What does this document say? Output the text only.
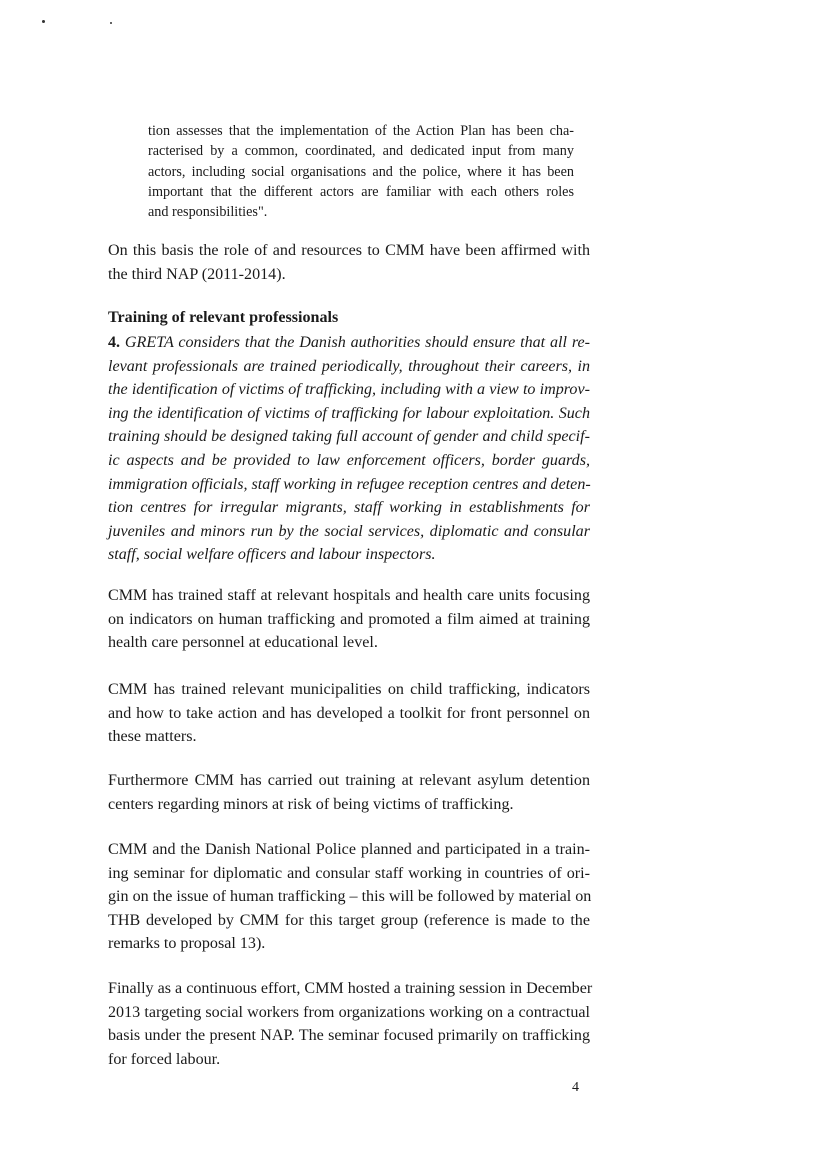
tion assesses that the implementation of the Action Plan has been cha-
racterised by a common, coordinated, and dedicated input from many
actors, including social organisations and the police, where it has been
important that the different actors are familiar with each others roles
and responsibilities".
On this basis the role of and resources to CMM have been affirmed with
the third NAP (2011-2014).
Training of relevant professionals
4. GRETA considers that the Danish authorities should ensure that all re-
levant professionals are trained periodically, throughout their careers, in
the identification of victims of trafficking, including with a view to improv-
ing the identification of victims of trafficking for labour exploitation. Such
training should be designed taking full account of gender and child specif-
ic aspects and be provided to law enforcement officers, border guards,
immigration officials, staff working in refugee reception centres and deten-
tion centres for irregular migrants, staff working in establishments for
juveniles and minors run by the social services, diplomatic and consular
staff, social welfare officers and labour inspectors.
CMM has trained staff at relevant hospitals and health care units focusing
on indicators on human trafficking and promoted a film aimed at training
health care personnel at educational level.
CMM has trained relevant municipalities on child trafficking, indicators
and how to take action and has developed a toolkit for front personnel on
these matters.
Furthermore CMM has carried out training at relevant asylum detention
centers regarding minors at risk of being victims of trafficking.
CMM and the Danish National Police planned and participated in a train-
ing seminar for diplomatic and consular staff working in countries of ori-
gin on the issue of human trafficking – this will be followed by material on
THB developed by CMM for this target group (reference is made to the
remarks to proposal 13).
Finally as a continuous effort, CMM hosted a training session in December
2013 targeting social workers from organizations working on a contractual
basis under the present NAP. The seminar focused primarily on trafficking
for forced labour.
4
